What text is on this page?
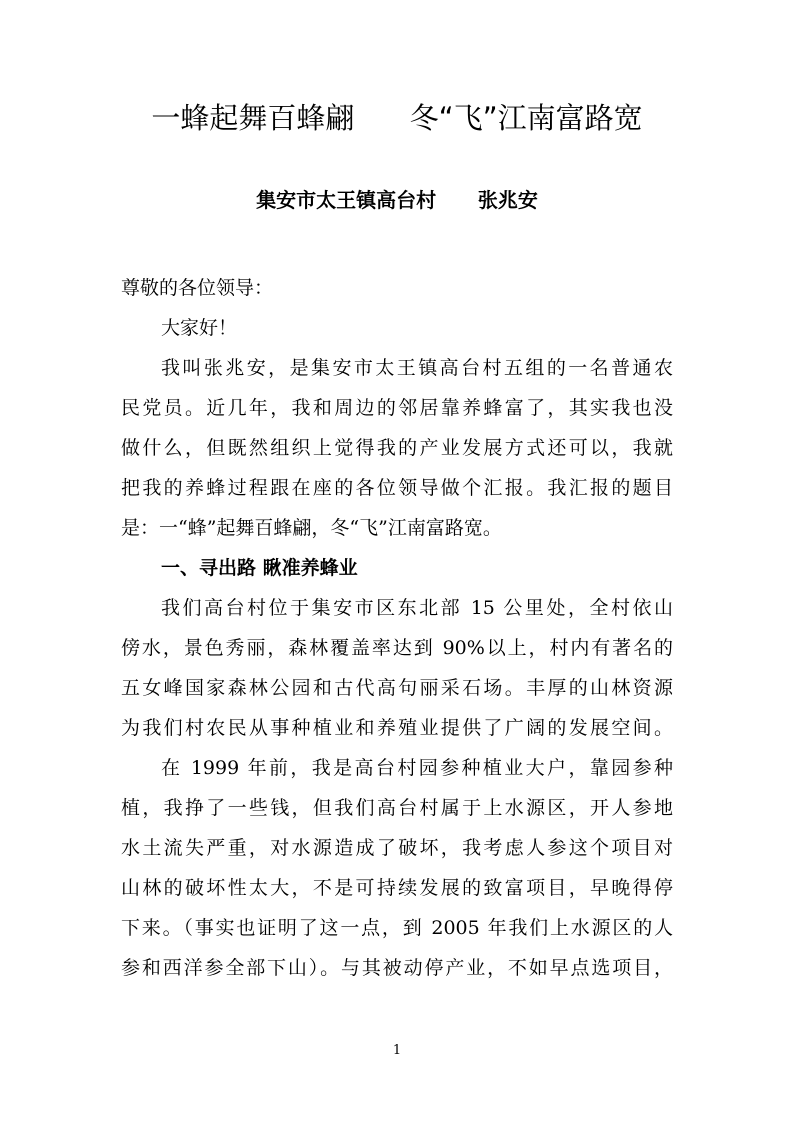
一蜂起舞百蜂翩      冬“飞”江南富路宽
集安市太王镇高台村      张兆安
尊敬的各位领导：
大家好！
我叫张兆安，是集安市太王镇高台村五组的一名普通农
民党员。近几年，我和周边的邻居靠养蜂富了，其实我也没
做什么，但既然组织上觉得我的产业发展方式还可以，我就
把我的养蜂过程跟在座的各位领导做个汇报。我汇报的题目
是：一“蜂”起舞百蜂翩，冬“飞”江南富路宽。
一、寻出路 瞅准养蜂业
我们高台村位于集安市区东北部 15 公里处，全村依山
傍水，景色秀丽，森林覆盖率达到 90%以上，村内有著名的
五女峰国家森林公园和古代高句丽采石场。丰厚的山林资源
为我们村农民从事种植业和养殖业提供了广阔的发展空间。
在 1999 年前，我是高台村园参种植业大户，靠园参种
植，我挣了一些钱，但我们高台村属于上水源区，开人参地
水土流失严重，对水源造成了破坏，我考虑人参这个项目对
山林的破坏性太大，不是可持续发展的致富项目，早晚得停
下来。（事实也证明了这一点，到 2005 年我们上水源区的人
参和西洋参全部下山）。与其被动停产业，不如早点选项目，
1
